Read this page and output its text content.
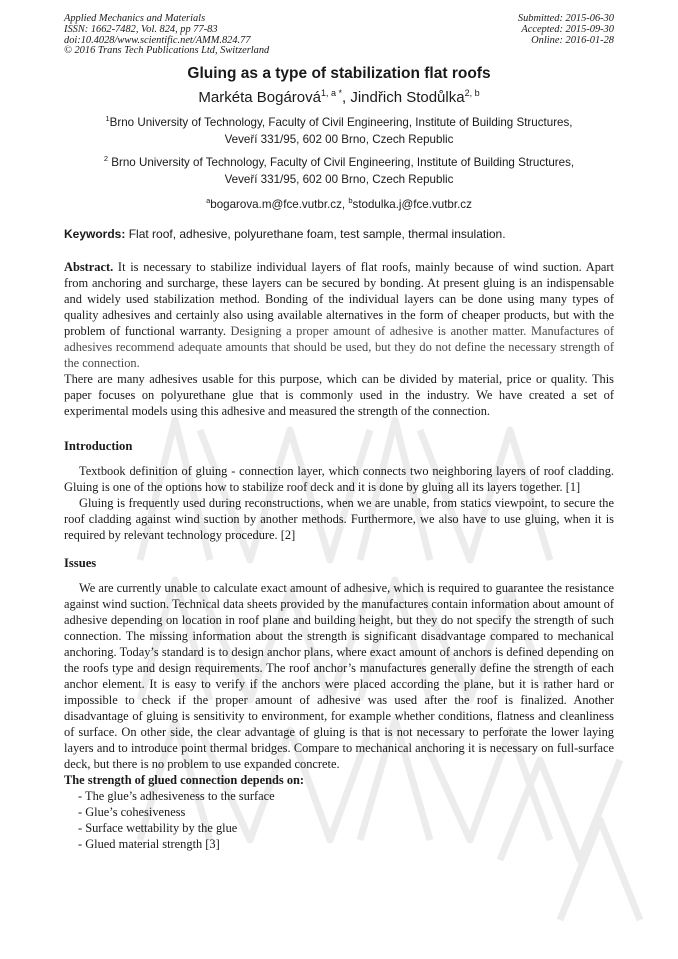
Applied Mechanics and Materials
ISSN: 1662-7482, Vol. 824, pp 77-83
doi:10.4028/www.scientific.net/AMM.824.77
© 2016 Trans Tech Publications Ltd, Switzerland
Submitted: 2015-06-30
Accepted: 2015-09-30
Online: 2016-01-28
Gluing as a type of stabilization flat roofs
Markéta Bogárová$^{1, a *}$, Jindřich Stodůlka$^{2, b}$
$^1$Brno University of Technology, Faculty of Civil Engineering, Institute of Building Structures,
Veveří 331/95, 602 00 Brno, Czech Republic
$^2$ Brno University of Technology, Faculty of Civil Engineering, Institute of Building Structures,
Veveří 331/95, 602 00 Brno, Czech Republic
$^a$bogarova.m@fce.vutbr.cz, $^b$stodulka.j@fce.vutbr.cz
Keywords: Flat roof, adhesive, polyurethane foam, test sample, thermal insulation.

Abstract. It is necessary to stabilize individual layers of flat roofs, mainly because of wind suction. Apart from anchoring and surcharge, these layers can be secured by bonding. At present gluing is an indispensable and widely used stabilization method. Bonding of the individual layers can be done using many types of quality adhesives and certainly also using available alternatives in the form of cheaper products, but with the problem of functional warranty. Designing a proper amount of adhesive is another matter. Manufactures of adhesives recommend adequate amounts that should be used, but they do not define the necessary strength of the connection.

There are many adhesives usable for this purpose, which can be divided by material, price or quality. This paper focuses on polyurethane glue that is commonly used in the industry. We have created a set of experimental models using this adhesive and measured the strength of the connection.

Introduction

Textbook definition of gluing - connection layer, which connects two neighboring layers of roof cladding. Gluing is one of the options how to stabilize roof deck and it is done by gluing all its layers together. [1]

Gluing is frequently used during reconstructions, when we are unable, from statics viewpoint, to secure the roof cladding against wind suction by another methods. Furthermore, we also have to use gluing, when it is required by relevant technology procedure. [2]

Issues

We are currently unable to calculate exact amount of adhesive, which is required to guarantee the resistance against wind suction. Technical data sheets provided by the manufactures contain information about amount of adhesive depending on location in roof plane and building height, but they do not specify the strength of such connection. The missing information about the strength is significant disadvantage compared to mechanical anchoring. Today’s standard is to design anchor plans, where exact amount of anchors is defined depending on the roofs type and design requirements. The roof anchor’s manufactures generally define the strength of each anchor element. It is easy to verify if the anchors were placed according the plane, but it is rather hard or impossible to check if the proper amount of adhesive was used after the roof is finalized. Another disadvantage of gluing is sensitivity to environment, for example whether conditions, flatness and cleanliness of surface. On other side, the clear advantage of gluing is that is not necessary to perforate the lower laying layers and to introduce point thermal bridges. Compare to mechanical anchoring it is necessary on full-surface deck, but there is no problem to use expanded concrete.

The strength of glued connection depends on:

- The glue’s adhesiveness to the surface
- Glue’s cohesiveness
- Surface wettability by the glue
- Glued material strength [3]
